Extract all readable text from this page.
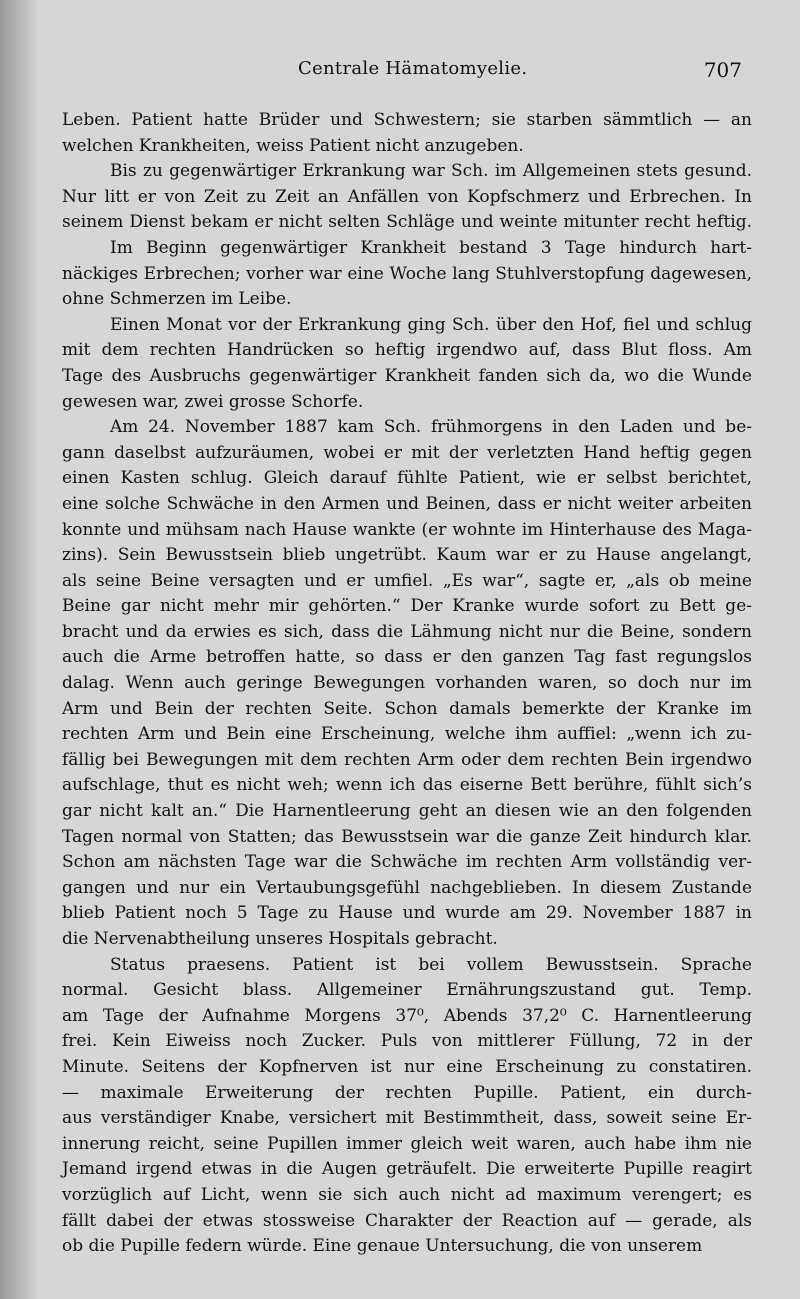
Centrale Hämatomyelie.	707
Leben. Patient hatte Brüder und Schwestern; sie starben sämmtlich — an
welchen Krankheiten, weiss Patient nicht anzugeben.
Bis zu gegenwärtiger Erkrankung war Sch. im Allgemeinen stets gesund.
Nur litt er von Zeit zu Zeit an Anfällen von Kopfschmerz und Erbrechen. In
seinem Dienst bekam er nicht selten Schläge und weinte mitunter recht heftig.
Im Beginn gegenwärtiger Krankheit bestand 3 Tage hindurch hart-
näckiges Erbrechen; vorher war eine Woche lang Stuhlverstopfung dagewesen,
ohne Schmerzen im Leibe.
Einen Monat vor der Erkrankung ging Sch. über den Hof, fiel und schlug
mit dem rechten Handrücken so heftig irgendwo auf, dass Blut floss. Am
Tage des Ausbruchs gegenwärtiger Krankheit fanden sich da, wo die Wunde
gewesen war, zwei grosse Schorfe.
Am 24. November 1887 kam Sch. frühmorgens in den Laden und be-
gann daselbst aufzuräumen, wobei er mit der verletzten Hand heftig gegen
einen Kasten schlug. Gleich darauf fühlte Patient, wie er selbst berichtet,
eine solche Schwäche in den Armen und Beinen, dass er nicht weiter arbeiten
konnte und mühsam nach Hause wankte (er wohnte im Hinterhause des Maga-
zins). Sein Bewusstsein blieb ungetrübt. Kaum war er zu Hause angelangt,
als seine Beine versagten und er umfiel. „Es war“, sagte er, „als ob meine
Beine gar nicht mehr mir gehörten.“ Der Kranke wurde sofort zu Bett ge-
bracht und da erwies es sich, dass die Lähmung nicht nur die Beine, sondern
auch die Arme betroffen hatte, so dass er den ganzen Tag fast regungslos
dalag. Wenn auch geringe Bewegungen vorhanden waren, so doch nur im
Arm und Bein der rechten Seite. Schon damals bemerkte der Kranke im
rechten Arm und Bein eine Erscheinung, welche ihm auffiel: „wenn ich zu-
fällig bei Bewegungen mit dem rechten Arm oder dem rechten Bein irgendwo
aufschlage, thut es nicht weh; wenn ich das eiserne Bett berühre, fühlt sich’s
gar nicht kalt an.“ Die Harnentleerung geht an diesen wie an den folgenden
Tagen normal von Statten; das Bewusstsein war die ganze Zeit hindurch klar.
Schon am nächsten Tage war die Schwäche im rechten Arm vollständig ver-
gangen und nur ein Vertaubungsgefühl nachgeblieben. In diesem Zustande
blieb Patient noch 5 Tage zu Hause und wurde am 29. November 1887 in
die Nervenabtheilung unseres Hospitals gebracht.
Status praesens. Patient ist bei vollem Bewusstsein. Sprache
normal. Gesicht blass. Allgemeiner Ernährungszustand gut. Temp.
am Tage der Aufnahme Morgens 37⁰, Abends 37,2⁰ C. Harnentleerung
frei. Kein Eiweiss noch Zucker. Puls von mittlerer Füllung, 72 in der
Minute. Seitens der Kopfnerven ist nur eine Erscheinung zu constatiren.
— maximale Erweiterung der rechten Pupille. Patient, ein durch-
aus verständiger Knabe, versichert mit Bestimmtheit, dass, soweit seine Er-
innerung reicht, seine Pupillen immer gleich weit waren, auch habe ihm nie
Jemand irgend etwas in die Augen geträufelt. Die erweiterte Pupille reagirt
vorzüglich auf Licht, wenn sie sich auch nicht ad maximum verengert; es
fällt dabei der etwas stossweise Charakter der Reaction auf — gerade, als
ob die Pupille federn würde. Eine genaue Untersuchung, die von unserem
